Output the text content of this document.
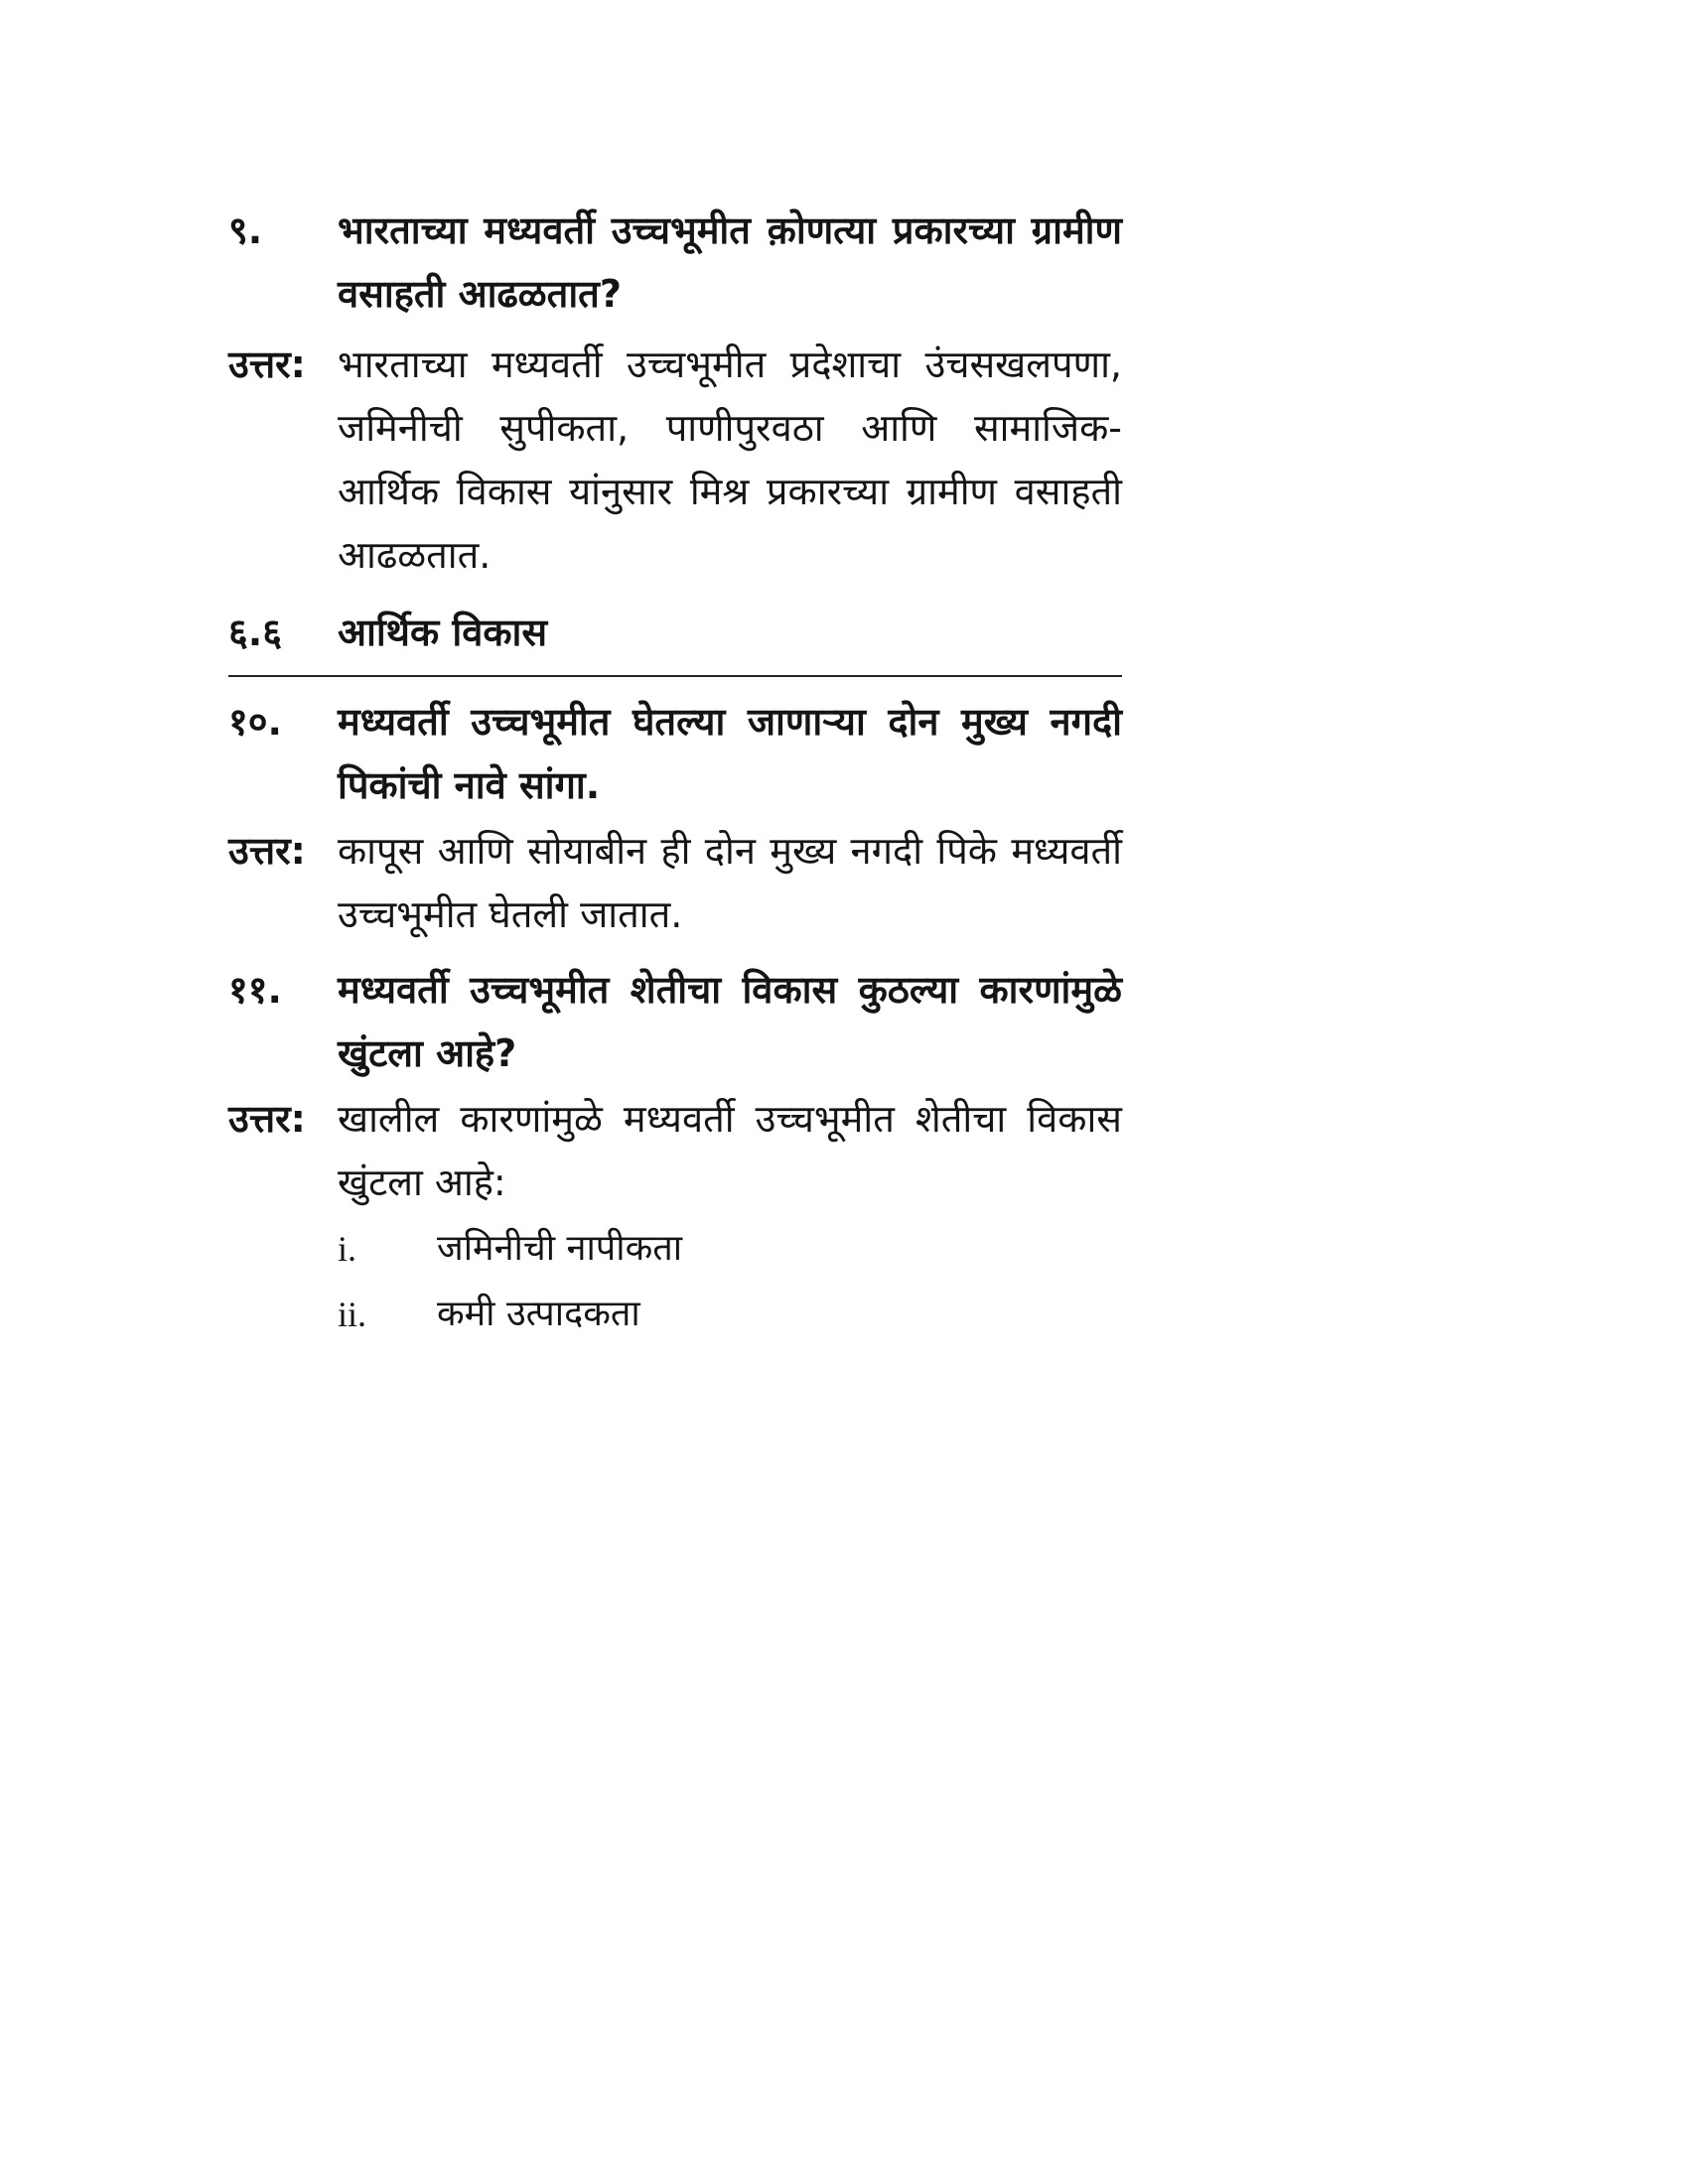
९.	भारताच्या मध्यवर्ती उच्चभूमीत क़ोणत्या प्रकारच्या ग्रामीण वसाहती आढळतात?
उत्तर: भारताच्या मध्यवर्ती उच्चभूमीत प्रदेशाचा उंचसखलपणा, जमिनीची सुपीकता, पाणीपुरवठा आणि सामाजिक-आर्थिक विकास यांनुसार मिश्र प्रकारच्या ग्रामीण वसाहती आढळतात.
६.६	आर्थिक विकास
१०.	मध्यवर्ती उच्चभूमीत घेतल्या जाणाऱ्या दोन मुख्य नगदी पिकांची नावे सांगा.
उत्तर: कापूस आणि सोयाबीन ही दोन मुख्य नगदी पिके मध्यवर्ती उच्चभूमीत घेतली जातात.
११.	मध्यवर्ती उच्चभूमीत शेतीचा विकास कुठल्या कारणांमुळे खुंटला आहे?
उत्तर: खालील कारणांमुळे मध्यवर्ती उच्चभूमीत शेतीचा विकास खुंटला आहे:
i.	जमिनीची नापीकता
ii.	कमी उत्पादकता
